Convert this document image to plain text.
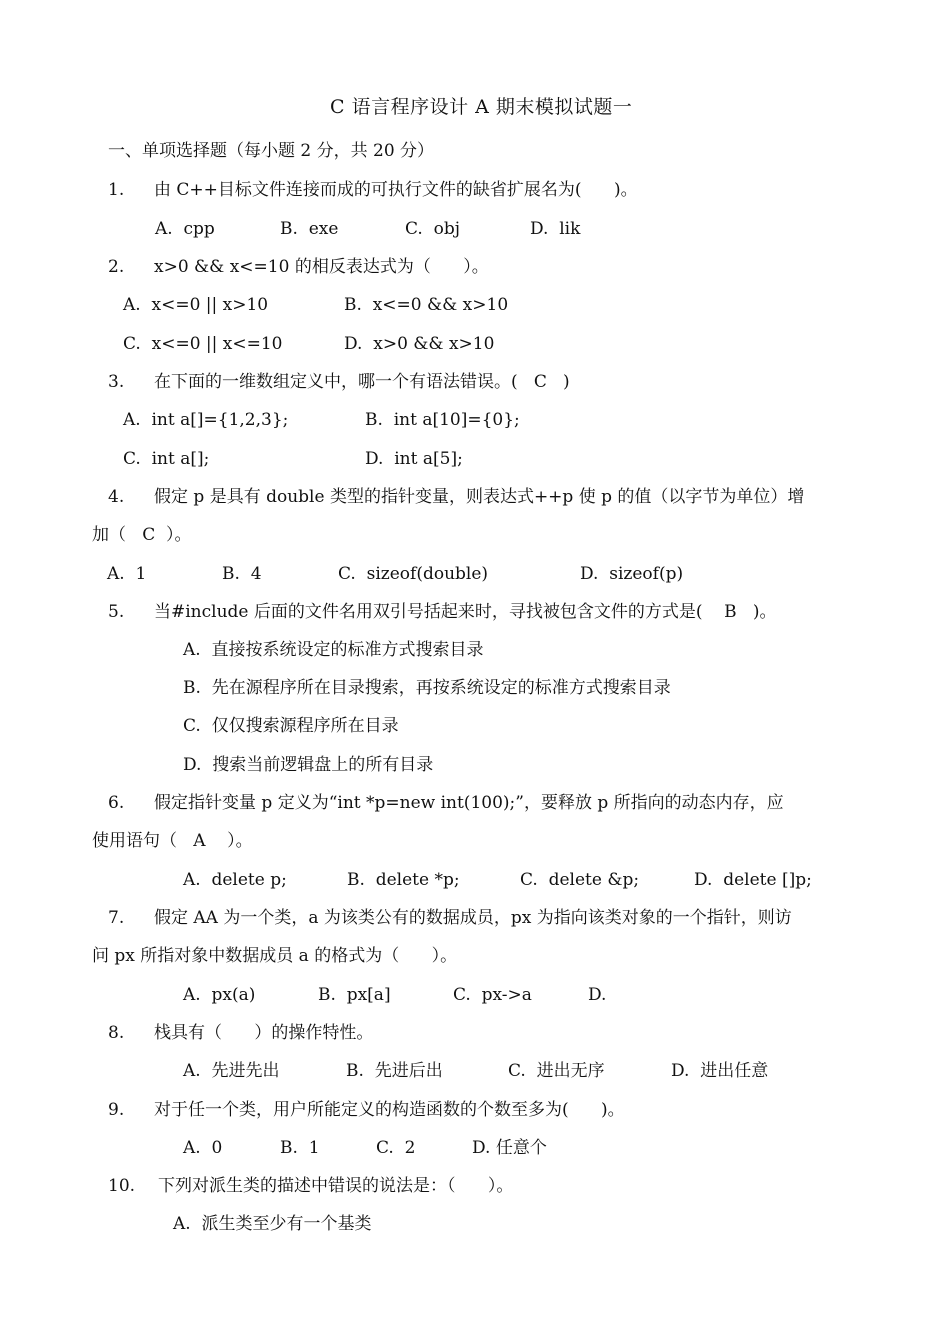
C 语言程序设计 A 期末模拟试题一
一、单项选择题（每小题 2 分，共 20 分）
1. 由 C++目标文件连接而成的可执行文件的缺省扩展名为(      )。
A.  cpp	B.  exe	C.  obj	D.  lik
2. x>0 && x<=10 的相反表达式为（      ）。
A.  x<=0 || x>10	B.  x<=0 && x>10
C.  x<=0 || x<=10	D.  x>0 && x>10
3. 在下面的一维数组定义中，哪一个有语法错误。(   C   )
A.  int a[]={1,2,3};	B.  int a[10]={0};
C.  int a[];	D.  int a[5];
4. 假定 p 是具有 double 类型的指针变量，则表达式++p 使 p 的值（以字节为单位）增
加（   C  ）。
A.  1	B.  4	C.  sizeof(double)	D.  sizeof(p)
5. 当#include 后面的文件名用双引号括起来时，寻找被包含文件的方式是(    B   )。
A.  直接按系统设定的标准方式搜索目录
B.  先在源程序所在目录搜索，再按系统设定的标准方式搜索目录
C.  仅仅搜索源程序所在目录
D.  搜索当前逻辑盘上的所有目录
6. 假定指针变量 p 定义为“int *p=new int(100);”，要释放 p 所指向的动态内存，应
使用语句（   A    ）。
A.  delete p;	B.  delete *p;	C.  delete &p;	D.  delete []p;
7. 假定 AA 为一个类，a 为该类公有的数据成员，px 为指向该类对象的一个指针，则访
问 px 所指对象中数据成员 a 的格式为（      ）。
A.  px(a)	B.  px[a]	C.  px->a	D.
8. 栈具有（      ）的操作特性。
A.  先进先出	B.  先进后出	C.  进出无序	D.  进出任意
9. 对于任一个类，用户所能定义的构造函数的个数至多为(      )。
A.  0	B.  1	C.  2	D. 任意个
10. 下列对派生类的描述中错误的说法是：（      ）。
A.  派生类至少有一个基类
